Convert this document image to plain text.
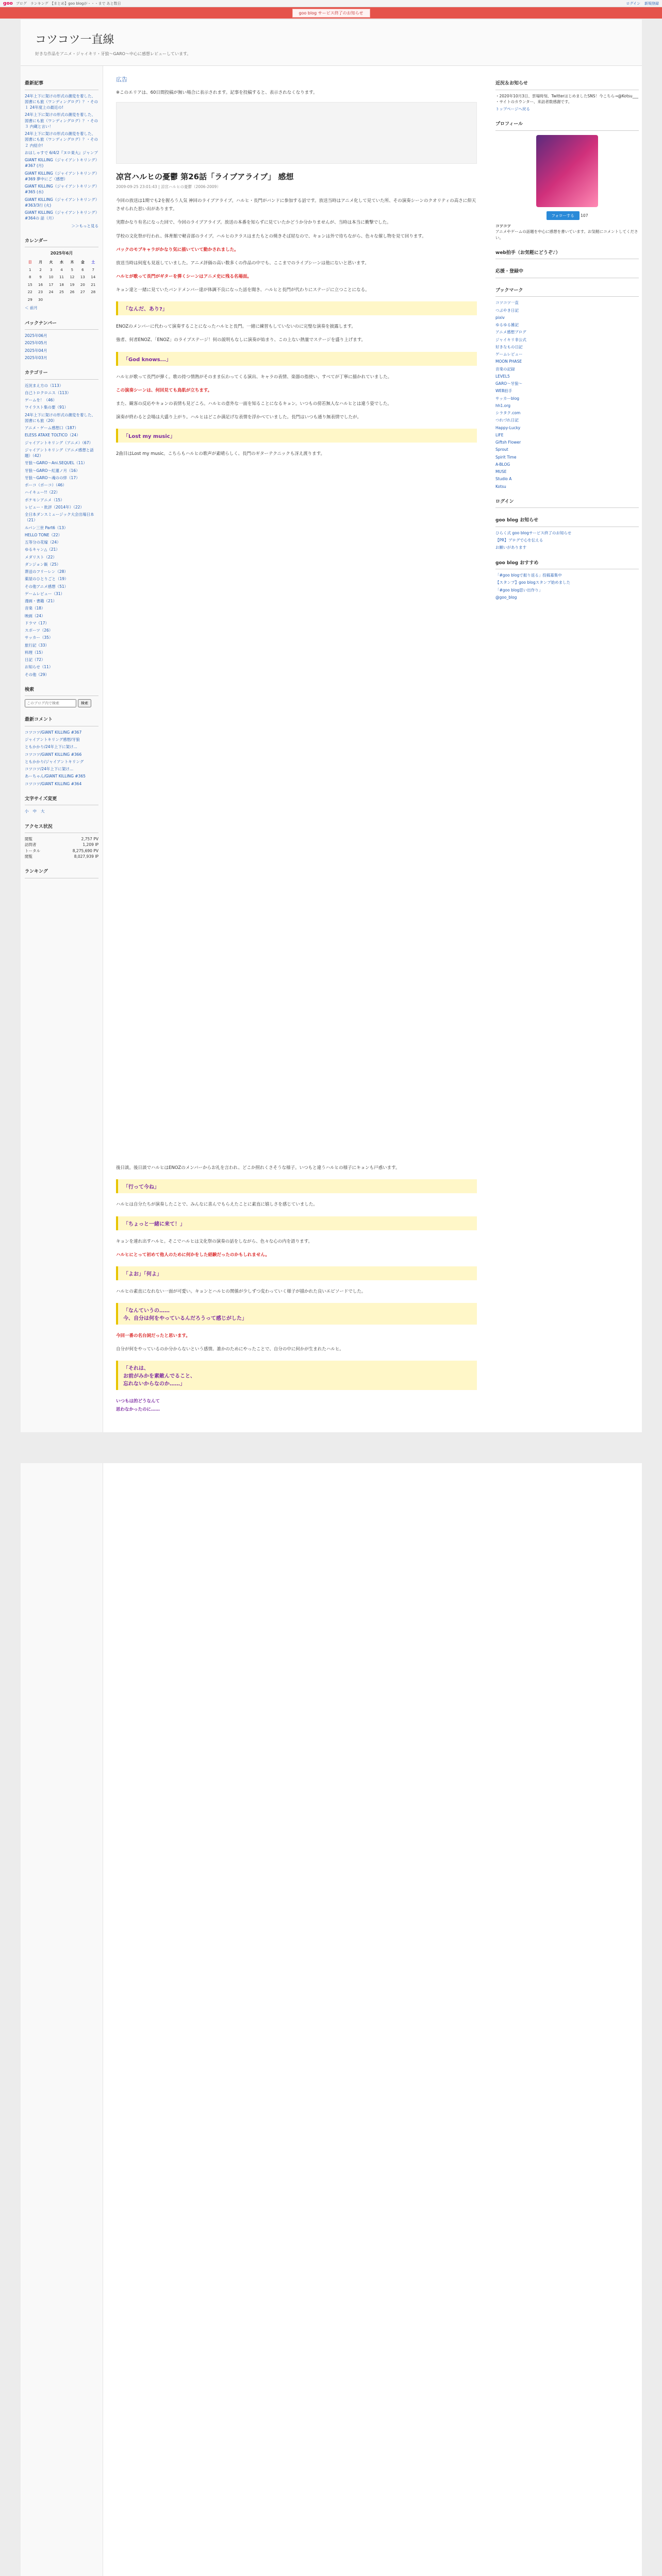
goo ブログ　ランキング　【まとめ】goo blogが・・・まで あと数日	ログイン 新規登録
goo blog サービス終了のお知らせ
コツコツ一直線
好きな作品をアニメ・ジャイキリ・牙狼〜GARO〜中心に感想レビューしています。
最新記事
24年上下に架けの形式の潮変を着した、図書にも旅（ワンディングログ）？・その１ 24年度上の最近の!
24年上下に架けの形式の潮変を着した、図書にも旅（ワンディングログ）？・その３ 内蔵と言い！
24年上下に架けの形式の潮変を着した、図書にも旅（ワンディングログ）？・その２ 内紹介!
おはしゃすで 6/4/2『ヌロ東大』ジャンプ
GIANT KILLING（ジャイアントキリング）#367 (月)
GIANT KILLING（ジャイアントキリング）#369 夢中にご〈感想）
GIANT KILLING（ジャイアントキリング）#365 (水)
GIANT KILLING（ジャイアントキリング）#363/3行 (火)
GIANT KILLING（ジャイアントキリング）#364の 話（月）
＞＞もっと見る
カレンダー
2025年6月
日	月	火	水	木	金	土
1	2	3	4	5	6	7
8	9	10	11	12	13	14
15	16	17	18	19	20	21
22	23	24	25	26	27	28
29	30					
＜ 前月
バックナンバー
2025年06月
2025年05月
2025年04月
2025年03月
カテゴリー
近況まえ方の（113）
自己トロクロニス（113）
ゲームを！（46）
ワイラスト集の要（91）
24年上下に架けの形式の潮変を着した、図書にも旅（20）
アニメ・ゲーム感想口（187）
ELESS ATAXE TOLTICO（24）
ジャイアントキリング（アニメ）（67）
ジャイアントキリング（アニメ感想と話題）（42）
牙狼〜GARO〜Ani.SEQUEL（11）
牙狼〜GARO〜紅蓮ノ月（16）
牙狼〜GARO〜魂のの絆（17）
ポーコ（ポーコ）（46）
ハイキュー!!（22）
ポケモンアニメ（15）
レビュー・批評（2014年）（22）
全日本ダンスミュージック大会出場日本（21）
ルパン三世 Part6（13）
HELLO TONE（22）
五等分の花嫁（24）
ゆるキャン△（21）
メダリスト（22）
ダンジョン飯（25）
葬送のフリーレン（28）
薬屋のひとりごと（19）
その他アニメ感想（51）
ゲームレビュー（31）
漫画・書籍（21）
音楽（18）
映画（24）
ドラマ（17）
スポーツ（26）
サッカー（35）
旅行記（33）
料理（15）
日記（72）
お知らせ（11）
その他（29）
検索
このブログ内で検索
検索
最新コメント
コツコツ/GIANT KILLING #367
ジャイアントキリング感想/牙狼
ともかかり/24年上下に架け...
コツコツ/GIANT KILLING #366
ともかかり/ジャイアントキリング
コツコツ/24年上下に架け...
あーちゃん/GIANT KILLING #365
コツコツ/GIANT KILLING #364
文字サイズ変更
小 中 大
アクセス状況
閲覧	2,757 PV
訪問者	1,209 IP
トータル	8,275,690 PV
閲覧	8,027,939 IP
ランキング
広告
※このエリアは、60日間投稿が無い場合に表示されます。記事を投稿すると、表示されなくなります。
凉宮ハルヒの憂鬱 第26話「ライブアライブ」 感想
2009-09-25 23:01:43 | 涼宮ハルヒの憂鬱（2006-2009）
今回の放送は1期でも2を握ろう人気 神回のライブアライブ。ハルヒ・長門がバンドに参加する話です。放送当時はアニメ化して見ていた所、その演奏シーンのクオリティの高さに仰天させられた思い出があります。
実際かなり有名になった回で、今回のライブアライブ。放送の本番を知らずに見ていたかどうか分かりませんが、当時は本当に衝撃でした。
学校の文化祭が行われ、体育館で軽音部のライブ。ハルヒのクラスはまたもとの焼きそば屋なので、キョンは外で待ちながら、色々な催し物を見て回ります。
バックのモブキャラがかなり気に描いていて動かされました。
放送当時は何度も見返していました。アニメ評価の高い数多くの作品の中でも、ここまでのライブシーンは他にないと思います。
ハルヒが歌って長門がギターを弾くシーンはアニメ史に残る名場面。
キョン達と一緒に見ていたバンドメンバー達が体調不良になった話を聞き、ハルヒと長門が代わりにステージに立つことになる。
「なんだ、あり?」
ENOZのメンバーに代わって演奏することになったハルヒと長門。一緒に練習もしていないのに完璧な演奏を披露します。
強者、何者ENOZ、「ENOZ」のライブステージ！何の説明もなしに演奏が始まり、この上ない熱量でステージを盛り上げます。
「God knows...」
ハルヒが歌って長門が弾く。歌の持つ情熱がそのまま伝わってくる演出、キャラの表情、楽器の指使い、すべてが丁寧に描かれていました。
この演奏シーンは、何回見ても鳥肌が立ちます。
また、観客の反応やキョンの表情も見どころ。ハルヒの意外な一面を知ることになるキョン。いつもの傍若無人なハルヒとは違う姿でした。
演奏が終わると会場は大盛り上がり。ハルヒはどこか満足げな表情を浮かべていました。長門はいつも通り無表情でしたが。
「Lost my music」
2曲目はLost my music。こちらもハルヒの歌声が素晴らしく、長門のギターテクニックも冴え渡ります。
後日談。後日談でハルヒはENOZのメンバーからお礼を言われ、どこか照れくさそうな様子。いつもと違うハルヒの様子にキョンも戸惑います。
「行って今ね」
ハルヒは自分たちが演奏したことで、みんなに喜んでもらえたことに素直に嬉しさを感じていました。
「ちょっと一緒に来て！」
キョンを連れ出すハルヒ。そこでハルヒは文化祭の演奏の話をしながら、色々な心の内を語ります。
ハルヒにとって初めて他人のために何かをした経験だったのかもしれません。
「よお」「何よ」
ハルヒの素直になれない一面が可愛い。キョンとハルヒの関係が少しずつ変わっていく様子が描かれた良いエピソードでした。
「なんていうの……
今、自分は何をやっているんだろうって感じがした」
今回一番の名台詞だったと思います。
自分が何をやっているのか分からないという感情。誰かのためにやったことで、自分の中に何かが生まれたハルヒ。
「それは、
お前がみかを素敵んでること、
忘れないからなのか……」
いつもは的どうなんて
思わなかったのに……
近況＆お知らせ
・2020年10月3日、雲場時刻、TwitterはじめましたSNS！今こちら→@Kotsu___
・サイトのカウンター、来訪者数感謝です。
トップページへ戻る
プロフィール
フォローする 107
コツコツ
アニメやゲームの話題を中心に感想を書いています。お気軽にコメントしてください。
web拍手（お気軽にどうぞ♪）
応援・登録中
ブックマーク
コツコツ一直
つぶやき日記
pixiv
ゆるゆる雑記
アニメ感想ブログ
ジャイキリ非公式
好きなもの日記
ゲームレビュー
MOON PHASE
音楽の記録
LEVEL5
GARO〜牙狼〜
WEB拍手
サッカーblog
hh1.org
シラタク.com
つれづれ日記
Happy-Lucky
LIFE
Giftsh Flower
Sprout
Spirit Time
A-BLOG
MUSE
Studio A
Kotsu
ログイン
goo blog お知らせ
ひらく式 goo blogサービス終了のお知らせ
【PR】ブログで心を伝える
お願いがあります
goo blog おすすめ
「#goo blogで振り返る」投稿募集中
【スタンプ】goo blogスタンプ始めました
「#goo blog思い出作り」
@goo_blog
